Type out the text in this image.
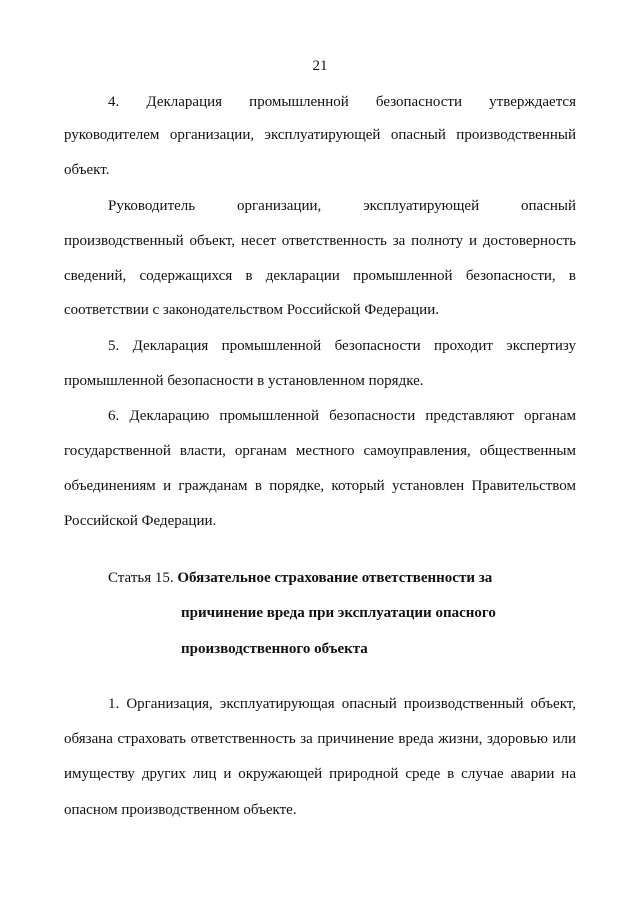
21
4. Декларация промышленной безопасности утверждается
руководителем организации, эксплуатирующей опасный производственный
объект.
Руководитель организации, эксплуатирующей опасный
производственный объект, несет ответственность за полноту и достоверность
сведений, содержащихся в декларации промышленной безопасности, в
соответствии с законодательством Российской Федерации.
5. Декларация промышленной безопасности проходит экспертизу
промышленной безопасности в установленном порядке.
6. Декларацию промышленной безопасности представляют органам
государственной власти, органам местного самоуправления, общественным
объединениям и гражданам в порядке, который установлен Правительством
Российской Федерации.
Статья 15. Обязательное страхование ответственности за
причинение вреда при эксплуатации опасного
производственного объекта
1. Организация, эксплуатирующая опасный производственный объект,
обязана страховать ответственность за причинение вреда жизни, здоровью или
имуществу других лиц и окружающей природной среде в случае аварии на
опасном производственном объекте.
